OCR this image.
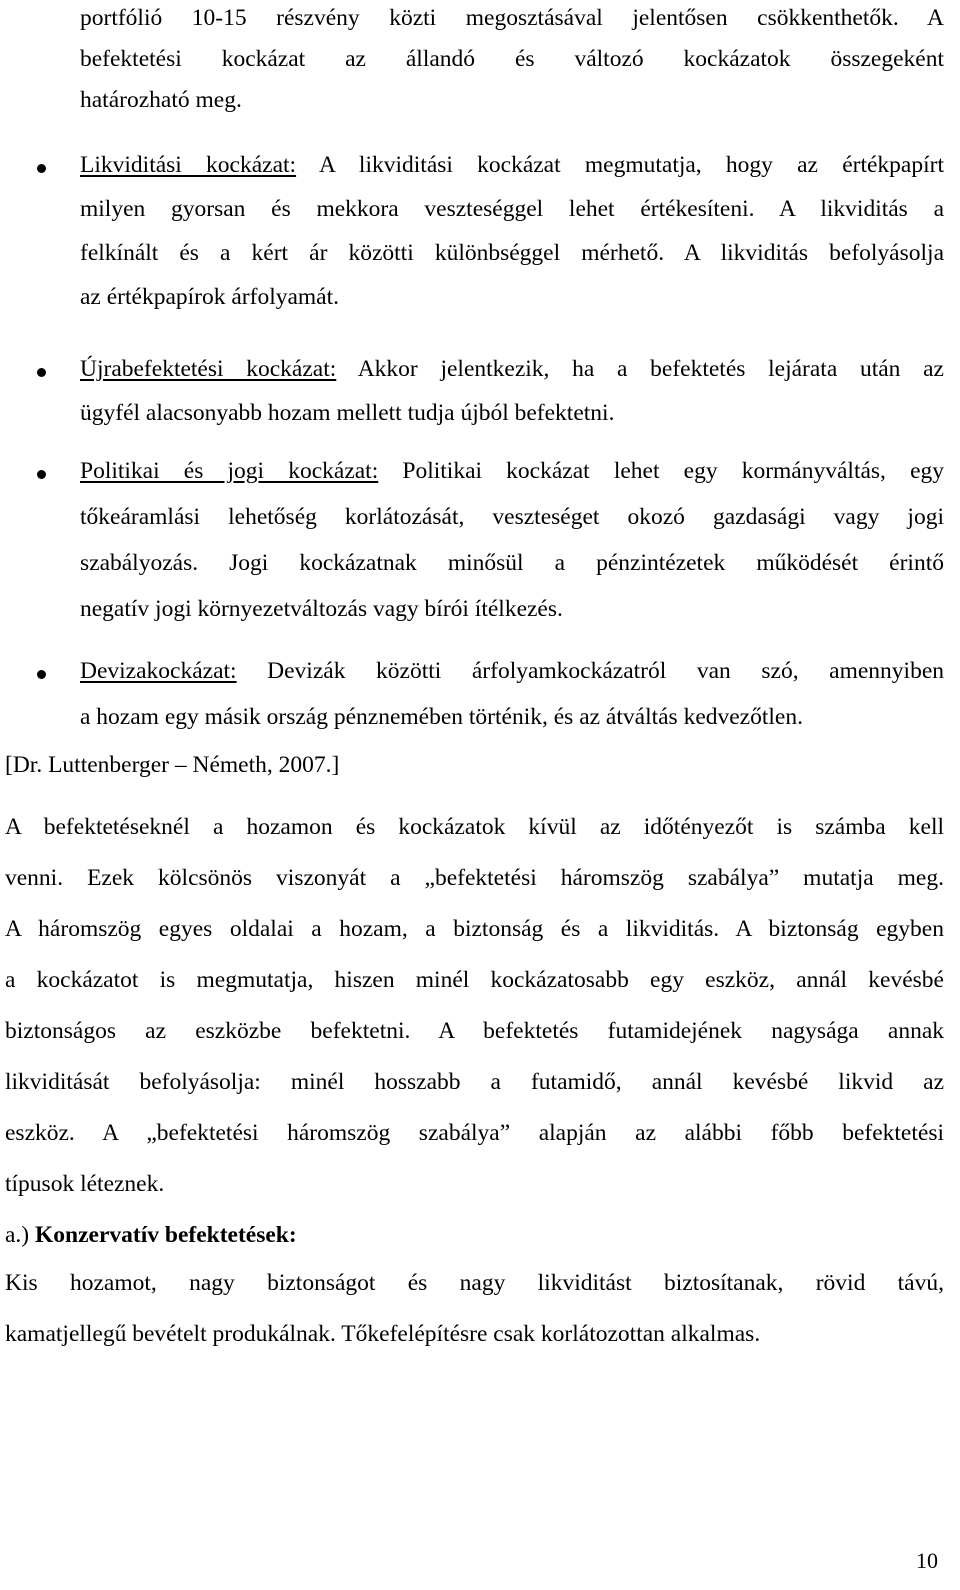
portfólió 10-15 részvény közti megosztásával jelentősen csökkenthetők. A
befektetési kockázat az állandó és változó kockázatok összegeként
határozható meg.
Likviditási kockázat: A likviditási kockázat megmutatja, hogy az értékpapírt
milyen gyorsan és mekkora veszteséggel lehet értékesíteni. A likviditás a
felkínált és a kért ár közötti különbséggel mérhető. A likviditás befolyásolja
az értékpapírok árfolyamát.
Újrabefektetési kockázat: Akkor jelentkezik, ha a befektetés lejárata után az
ügyfél alacsonyabb hozam mellett tudja újból befektetni.
Politikai és jogi kockázat: Politikai kockázat lehet egy kormányváltás, egy
tőkeáramlási lehetőség korlátozását, veszteséget okozó gazdasági vagy jogi
szabályozás. Jogi kockázatnak minősül a pénzintézetek működését érintő
negatív jogi környezetváltozás vagy bírói ítélkezés.
Devizakockázat: Devizák közötti árfolyamkockázatról van szó, amennyiben
a hozam egy másik ország pénznemében történik, és az átváltás kedvezőtlen.
[Dr. Luttenberger – Németh, 2007.]
A befektetéseknél a hozamon és kockázatok kívül az időtényezőt is számba kell
venni. Ezek kölcsönös viszonyát a „befektetési háromszög szabálya” mutatja meg.
A háromszög egyes oldalai a hozam, a biztonság és a likviditás. A biztonság egyben
a kockázatot is megmutatja, hiszen minél kockázatosabb egy eszköz, annál kevésbé
biztonságos az eszközbe befektetni. A befektetés futamidejének nagysága annak
likviditását befolyásolja: minél hosszabb a futamidő, annál kevésbé likvid az
eszköz. A „befektetési háromszög szabálya” alapján az alábbi főbb befektetési
típusok léteznek.
a.) Konzervatív befektetések:
Kis hozamot, nagy biztonságot és nagy likviditást biztosítanak, rövid távú,
kamatjellegű bevételt produkálnak. Tőkefelépítésre csak korlátozottan alkalmas.
10
